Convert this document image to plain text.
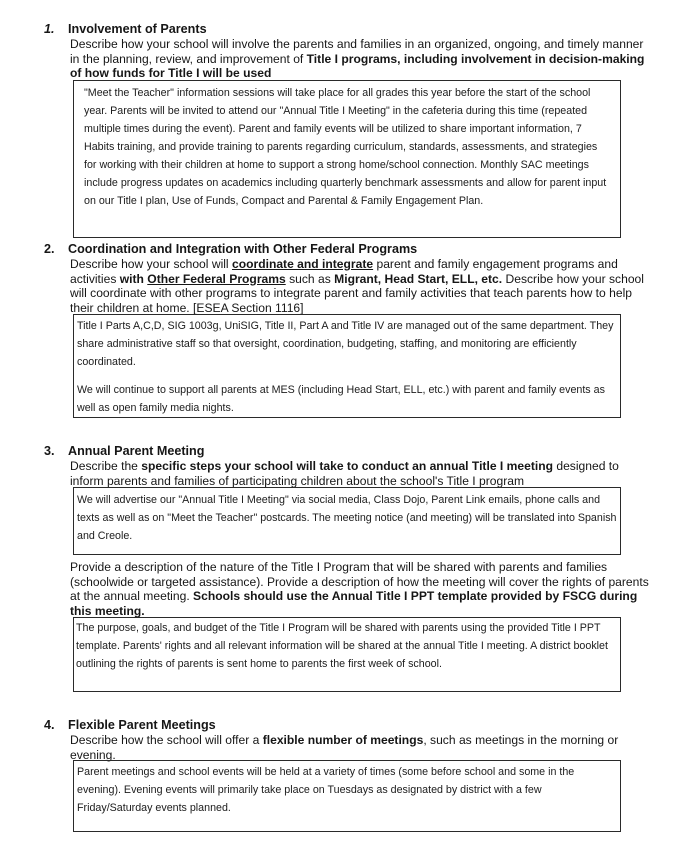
1. Involvement of Parents
Describe how your school will involve the parents and families in an organized, ongoing, and timely manner in the planning, review, and improvement of Title I programs, including involvement in decision-making of how funds for Title I will be used

"Meet the Teacher" information sessions will take place for all grades this year before the start of the school year. Parents will be invited to attend our "Annual Title I Meeting" in the cafeteria during this time (repeated multiple times during the event). Parent and family events will be utilized to share important information, 7 Habits training, and provide training to parents regarding curriculum, standards, assessments, and strategies for working with their children at home to support a strong home/school connection. Monthly SAC meetings include progress updates on academics including quarterly benchmark assessments and allow for parent input on our Title I plan, Use of Funds, Compact and Parental & Family Engagement Plan.

2. Coordination and Integration with Other Federal Programs
Describe how your school will coordinate and integrate parent and family engagement programs and activities with Other Federal Programs such as Migrant, Head Start, ELL, etc. Describe how your school will coordinate with other programs to integrate parent and family activities that teach parents how to help their children at home. [ESEA Section 1116]

Title I Parts A,C,D, SIG 1003g, UniSIG, Title II, Part A and Title IV are managed out of the same department. They share administrative staff so that oversight, coordination, budgeting, staffing, and monitoring are efficiently coordinated.

We will continue to support all parents at MES (including Head Start, ELL, etc.) with parent and family events as well as open family media nights.

3. Annual Parent Meeting
Describe the specific steps your school will take to conduct an annual Title I meeting designed to inform parents and families of participating children about the school's Title I program

We will advertise our "Annual Title I Meeting" via social media, Class Dojo, Parent Link emails, phone calls and texts as well as on "Meet the Teacher" postcards. The meeting notice (and meeting) will be translated into Spanish and Creole.

Provide a description of the nature of the Title I Program that will be shared with parents and families (schoolwide or targeted assistance). Provide a description of how the meeting will cover the rights of parents at the annual meeting. Schools should use the Annual Title I PPT template provided by FSCG during this meeting.

The purpose, goals, and budget of the Title I Program will be shared with parents using the provided Title I PPT template. Parents' rights and all relevant information will be shared at the annual Title I meeting. A district booklet outlining the rights of parents is sent home to parents the first week of school.

4. Flexible Parent Meetings
Describe how the school will offer a flexible number of meetings, such as meetings in the morning or evening.

Parent meetings and school events will be held at a variety of times (some before school and some in the evening). Evening events will primarily take place on Tuesdays as designated by district with a few Friday/Saturday events planned.
